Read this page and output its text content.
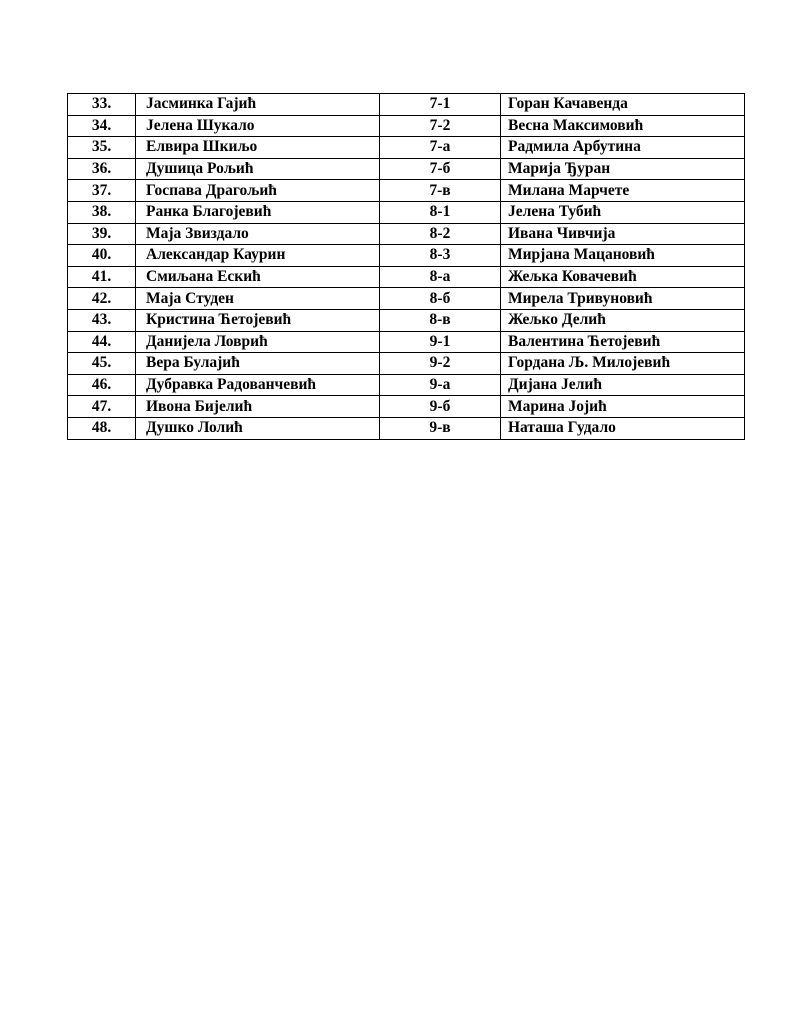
33.	Јасминка Гајић	7-1	Горан Качавенда
34.	Јелена Шукало	7-2	Весна Максимовић
35.	Елвира Шкиљо	7-а	Радмила Арбутина
36.	Душица Рољић	7-б	Марија Ђуран
37.	Госпава Драгољић	7-в	Милана Марчете
38.	Ранка Благојевић	8-1	Јелена Тубић
39.	Маја Звиздало	8-2	Ивана Чивчија
40.	Александар Каурин	8-3	Мирјана Мацановић
41.	Смиљана Ескић	8-а	Жељка Ковачевић
42.	Маја Студен	8-б	Мирела Тривуновић
43.	Кристина Ћетојевић	8-в	Жељко Делић
44.	Данијела Ловрић	9-1	Валентина Ћетојевић
45.	Вера Булајић	9-2	Гордана Љ. Милојевић
46.	Дубравка Радованчевић	9-а	Дијана Јелић
47.	Ивона Бијелић	9-б	Марина Јојић
48.	Душко Лолић	9-в	Наташа Гудало
